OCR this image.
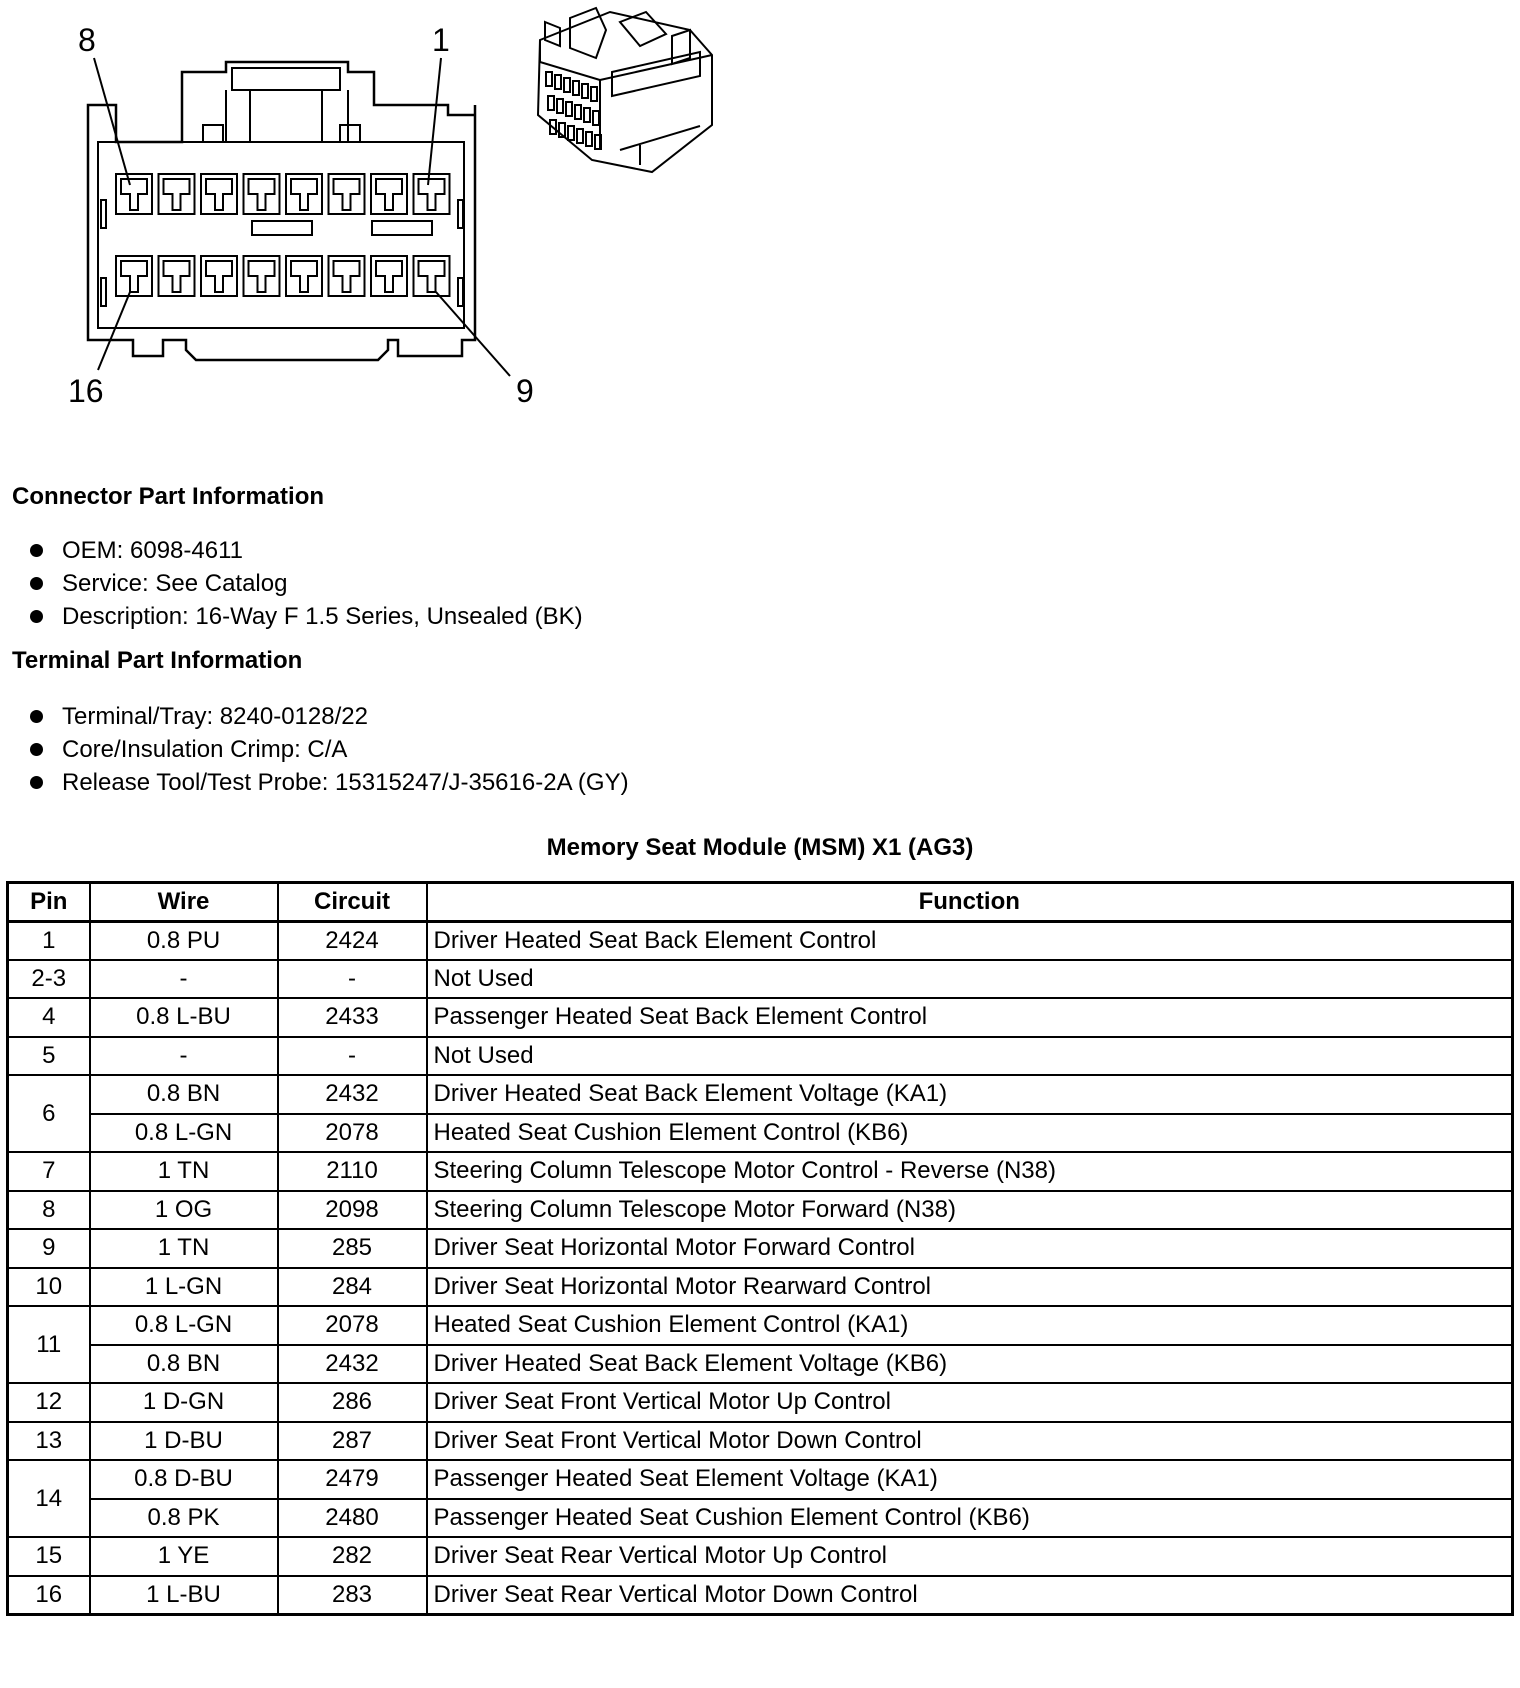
8	1
16	9
Connector Part Information
OEM: 6098-4611
Service: See Catalog
Description: 16-Way F 1.5 Series, Unsealed (BK)
Terminal Part Information
Terminal/Tray: 8240-0128/22
Core/Insulation Crimp: C/A
Release Tool/Test Probe: 15315247/J-35616-2A (GY)
Memory Seat Module (MSM) X1 (AG3)
Pin	Wire	Circuit	Function
1	0.8 PU	2424	Driver Heated Seat Back Element Control
2-3	-	-	Not Used
4	0.8 L-BU	2433	Passenger Heated Seat Back Element Control
5	-	-	Not Used
6	0.8 BN	2432	Driver Heated Seat Back Element Voltage (KA1)
	0.8 L-GN	2078	Heated Seat Cushion Element Control (KB6)
7	1 TN	2110	Steering Column Telescope Motor Control - Reverse (N38)
8	1 OG	2098	Steering Column Telescope Motor Forward (N38)
9	1 TN	285	Driver Seat Horizontal Motor Forward Control
10	1 L-GN	284	Driver Seat Horizontal Motor Rearward Control
11	0.8 L-GN	2078	Heated Seat Cushion Element Control (KA1)
	0.8 BN	2432	Driver Heated Seat Back Element Voltage (KB6)
12	1 D-GN	286	Driver Seat Front Vertical Motor Up Control
13	1 D-BU	287	Driver Seat Front Vertical Motor Down Control
14	0.8 D-BU	2479	Passenger Heated Seat Element Voltage (KA1)
	0.8 PK	2480	Passenger Heated Seat Cushion Element Control (KB6)
15	1 YE	282	Driver Seat Rear Vertical Motor Up Control
16	1 L-BU	283	Driver Seat Rear Vertical Motor Down Control
